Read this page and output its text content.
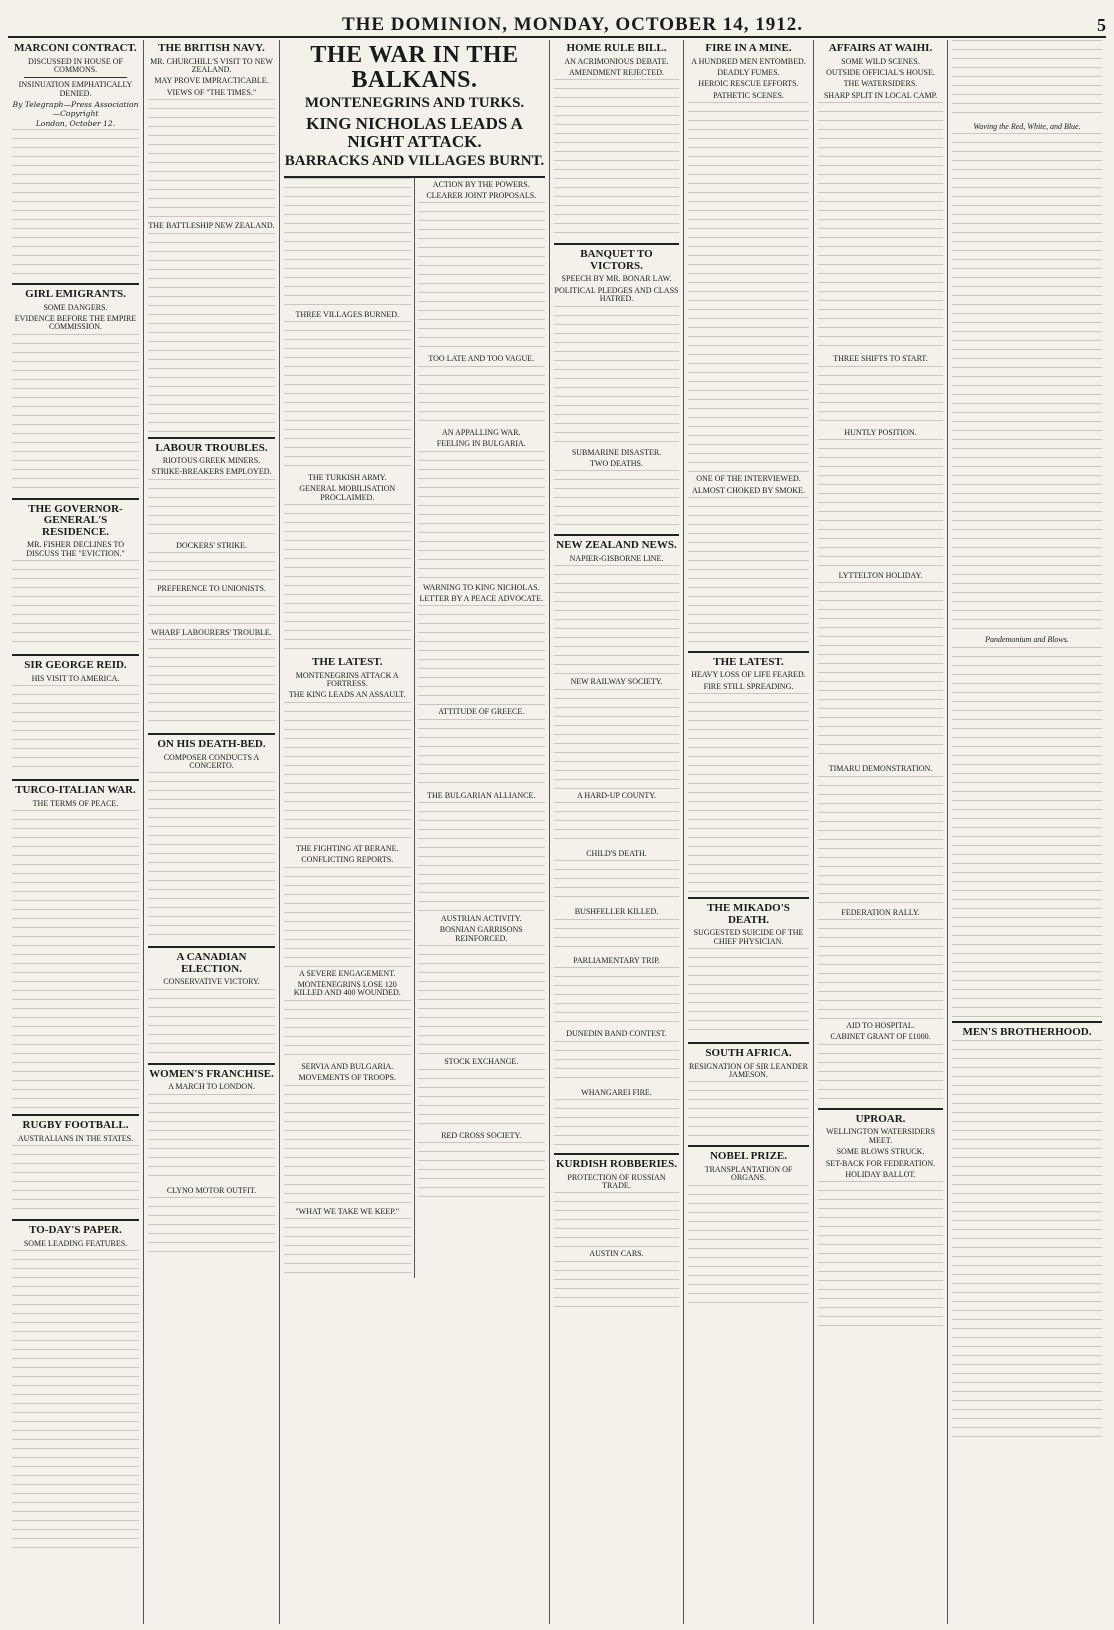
THE DOMINION, MONDAY, OCTOBER 14, 1912.	5
MARCONI CONTRACT.
DISCUSSED IN HOUSE OF COMMONS.
INSINUATION EMPHATICALLY DENIED.
By Telegraph—Press Association—Copyright
London, October 12.
GIRL EMIGRANTS.
SOME DANGERS.
EVIDENCE BEFORE THE EMPIRE COMMISSION.
THE GOVERNOR-GENERAL'S RESIDENCE.
MR. FISHER DECLINES TO DISCUSS THE "EVICTION."
SIR GEORGE REID.
HIS VISIT TO AMERICA.
TURCO-ITALIAN WAR.
THE TERMS OF PEACE.
RUGBY FOOTBALL.
AUSTRALIANS IN THE STATES.
TO-DAY'S PAPER.
SOME LEADING FEATURES.
THE BRITISH NAVY.
MR. CHURCHILL'S VISIT TO NEW ZEALAND.
MAY PROVE IMPRACTICABLE.
VIEWS OF "THE TIMES."
THE BATTLESHIP NEW ZEALAND.
LABOUR TROUBLES.
RIOTOUS GREEK MINERS.
STRIKE-BREAKERS EMPLOYED.
DOCKERS' STRIKE.
PREFERENCE TO UNIONISTS.
WHARF LABOURERS' TROUBLE.
ON HIS DEATH-BED.
COMPOSER CONDUCTS A CONCERTO.
A CANADIAN ELECTION.
CONSERVATIVE VICTORY.
WOMEN'S FRANCHISE.
A MARCH TO LONDON.
CLYNO MOTOR OUTFIT.
THE WAR IN THE BALKANS.
MONTENEGRINS AND TURKS.
KING NICHOLAS LEADS A NIGHT ATTACK.
BARRACKS AND VILLAGES BURNT.
THREE VILLAGES BURNED.
THE TURKISH ARMY.
GENERAL MOBILISATION PROCLAIMED.
THE LATEST.
MONTENEGRINS ATTACK A FORTRESS.
THE KING LEADS AN ASSAULT.
THE FIGHTING AT BERANE.
CONFLICTING REPORTS.
A SEVERE ENGAGEMENT.
MONTENEGRINS LOSE 120 KILLED AND 400 WOUNDED.
SERVIA AND BULGARIA.
MOVEMENTS OF TROOPS.
"WHAT WE TAKE WE KEEP."
ACTION BY THE POWERS.
CLEARER JOINT PROPOSALS.
TOO LATE AND TOO VAGUE.
AN APPALLING WAR.
FEELING IN BULGARIA.
WARNING TO KING NICHOLAS.
LETTER BY A PEACE ADVOCATE.
ATTITUDE OF GREECE.
THE BULGARIAN ALLIANCE.
AUSTRIAN ACTIVITY.
BOSNIAN GARRISONS REINFORCED.
STOCK EXCHANGE.
RED CROSS SOCIETY.
HOME RULE BILL.
AN ACRIMONIOUS DEBATE.
AMENDMENT REJECTED.
BANQUET TO VICTORS.
SPEECH BY MR. BONAR LAW.
POLITICAL PLEDGES AND CLASS HATRED.
SUBMARINE DISASTER.
TWO DEATHS.
NEW ZEALAND NEWS.
NAPIER-GISBORNE LINE.
NEW RAILWAY SOCIETY.
A HARD-UP COUNTY.
CHILD'S DEATH.
BUSHFELLER KILLED.
PARLIAMENTARY TRIP.
DUNEDIN BAND CONTEST.
WHANGAREI FIRE.
KURDISH ROBBERIES.
PROTECTION OF RUSSIAN TRADE.
AUSTIN CARS.
FIRE IN A MINE.
A HUNDRED MEN ENTOMBED.
DEADLY FUMES.
HEROIC RESCUE EFFORTS.
PATHETIC SCENES.
ONE OF THE INTERVIEWED.
ALMOST CHOKED BY SMOKE.
THE LATEST.
HEAVY LOSS OF LIFE FEARED.
FIRE STILL SPREADING.
THE MIKADO'S DEATH.
SUGGESTED SUICIDE OF THE CHIEF PHYSICIAN.
SOUTH AFRICA.
RESIGNATION OF SIR LEANDER JAMESON.
NOBEL PRIZE.
TRANSPLANTATION OF ORGANS.
AFFAIRS AT WAIHI.
SOME WILD SCENES.
OUTSIDE OFFICIAL'S HOUSE.
THE WATERSIDERS.
SHARP SPLIT IN LOCAL CAMP.
THREE SHIFTS TO START.
HUNTLY POSITION.
LYTTELTON HOLIDAY.
TIMARU DEMONSTRATION.
FEDERATION RALLY.
AID TO HOSPITAL.
CABINET GRANT OF £1000.
UPROAR.
WELLINGTON WATERSIDERS MEET.
SOME BLOWS STRUCK.
SET-BACK FOR FEDERATION.
HOLIDAY BALLOT.
Waving the Red, White, and Blue.
Pandemonium and Blows.
MEN'S BROTHERHOOD.
